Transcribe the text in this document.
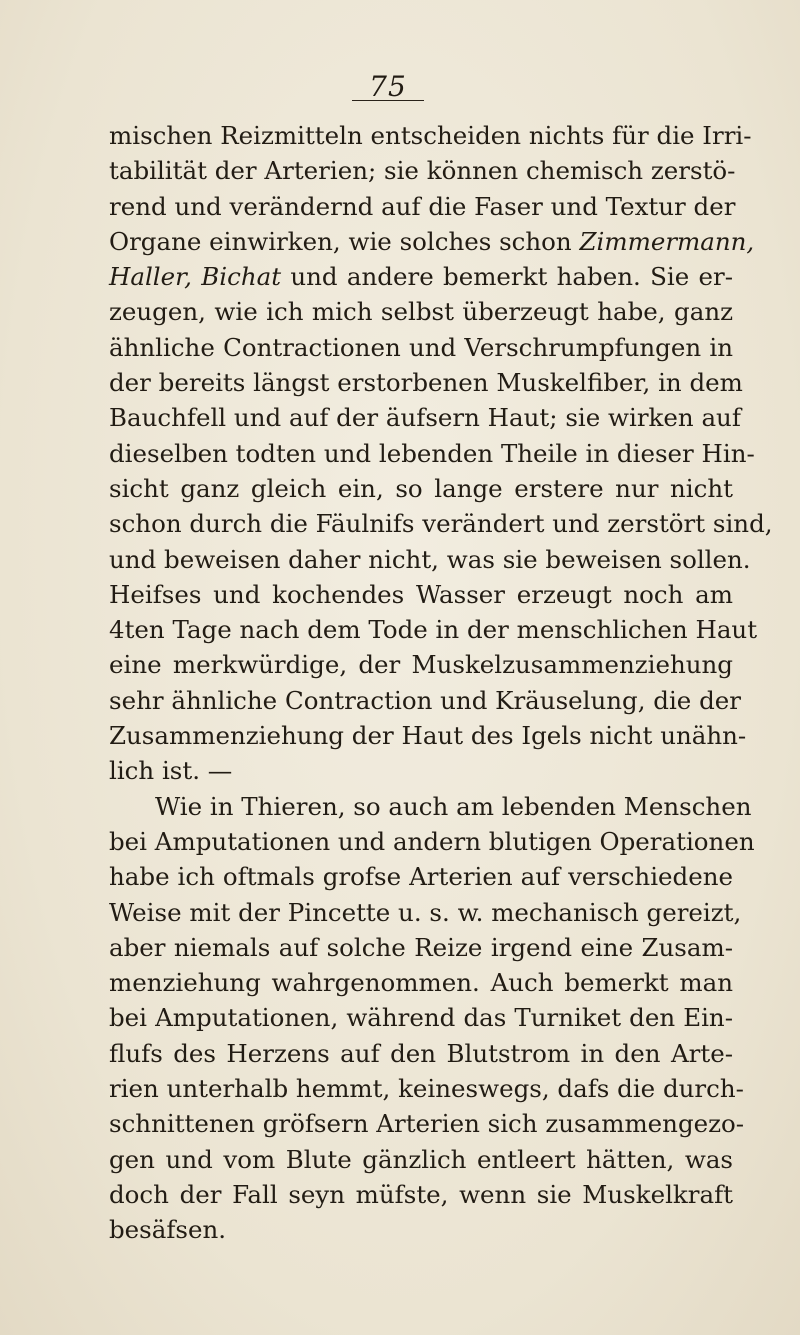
75
mischen Reizmitteln entscheiden nichts für die Irri-
tabilität der Arterien; sie können chemisch zerstö-
rend und verändernd auf die Faser und Textur der
Organe einwirken, wie solches schon Zimmermann,
Haller, Bichat und andere bemerkt haben. Sie er-
zeugen, wie ich mich selbst überzeugt habe, ganz
ähnliche Contractionen und Verschrumpfungen in
der bereits längst erstorbenen Muskelfiber, in dem
Bauchfell und auf der äufsern Haut; sie wirken auf
dieselben todten und lebenden Theile in dieser Hin-
sicht ganz gleich ein, so lange erstere nur nicht
schon durch die Fäulnifs verändert und zerstört sind,
und beweisen daher nicht, was sie beweisen sollen.
Heifses und kochendes Wasser erzeugt noch am
4ten Tage nach dem Tode in der menschlichen Haut
eine merkwürdige, der Muskelzusammenziehung
sehr ähnliche Contraction und Kräuselung, die der
Zusammenziehung der Haut des Igels nicht unähn-
lich ist. —
Wie in Thieren, so auch am lebenden Menschen
bei Amputationen und andern blutigen Operationen
habe ich oftmals grofse Arterien auf verschiedene
Weise mit der Pincette u. s. w. mechanisch gereizt,
aber niemals auf solche Reize irgend eine Zusam-
menziehung wahrgenommen. Auch bemerkt man
bei Amputationen, während das Turniket den Ein-
flufs des Herzens auf den Blutstrom in den Arte-
rien unterhalb hemmt, keineswegs, dafs die durch-
schnittenen gröfsern Arterien sich zusammengezo-
gen und vom Blute gänzlich entleert hätten, was
doch der Fall seyn müfste, wenn sie Muskelkraft
besäfsen.
